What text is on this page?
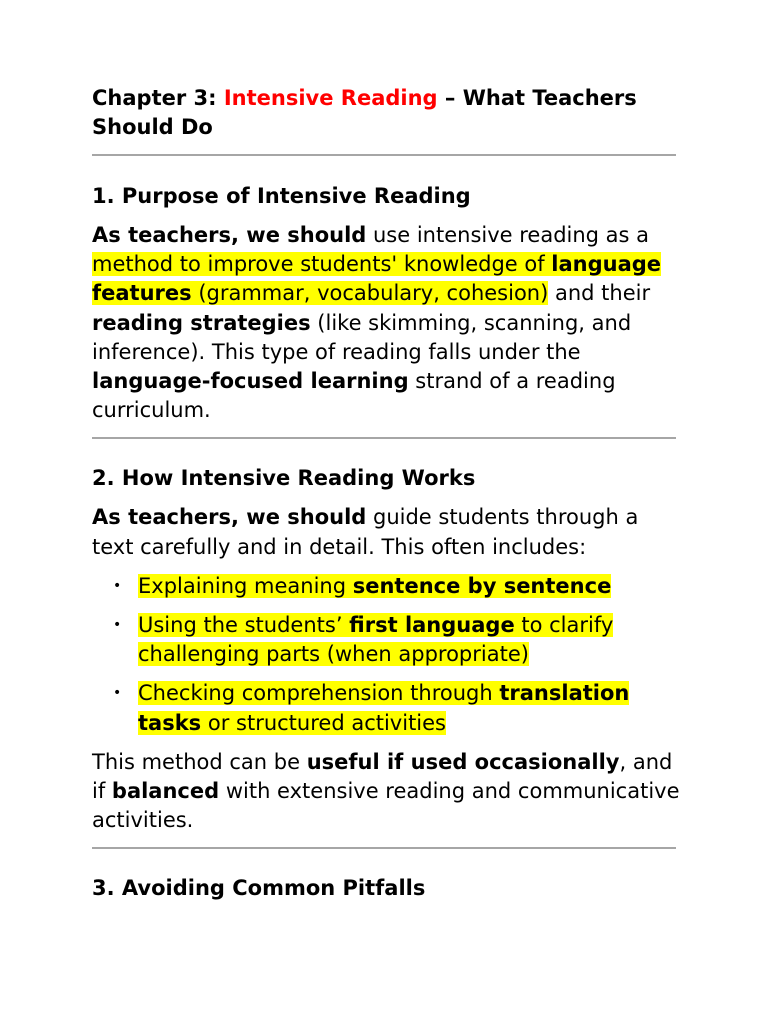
Chapter 3: Intensive Reading – What Teachers Should Do
1. Purpose of Intensive Reading

As teachers, we should use intensive reading as a method to improve students' knowledge of language features (grammar, vocabulary, cohesion) and their reading strategies (like skimming, scanning, and inference). This type of reading falls under the language-focused learning strand of a reading curriculum.

2. How Intensive Reading Works

As teachers, we should guide students through a text carefully and in detail. This often includes:

• Explaining meaning sentence by sentence
• Using the students’ first language to clarify challenging parts (when appropriate)
• Checking comprehension through translation tasks or structured activities

This method can be useful if used occasionally, and if balanced with extensive reading and communicative activities.

3. Avoiding Common Pitfalls
